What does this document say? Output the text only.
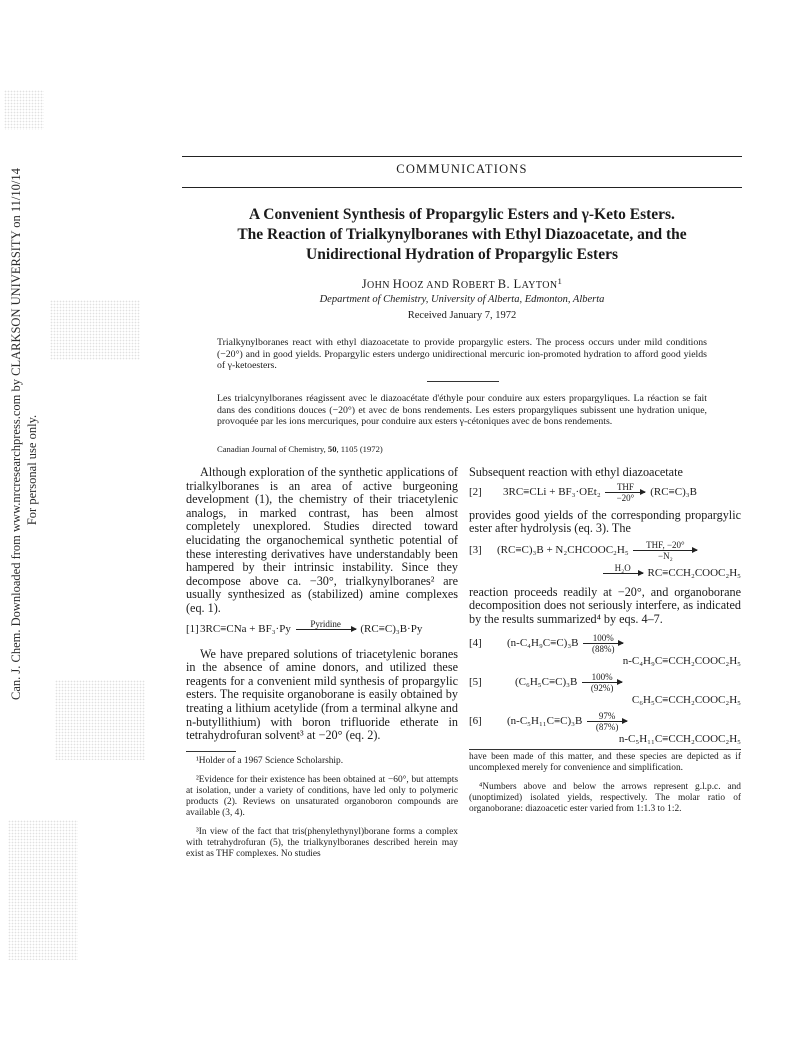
Can. J. Chem. Downloaded from www.nrcresearchpress.com by CLARKSON UNIVERSITY on 11/10/14 For personal use only.
COMMUNICATIONS
A Convenient Synthesis of Propargylic Esters and γ-Keto Esters.
The Reaction of Trialkynylboranes with Ethyl Diazoacetate, and the
Unidirectional Hydration of Propargylic Esters
JOHN HOOZ AND ROBERT B. LAYTON$^1$
Department of Chemistry, University of Alberta, Edmonton, Alberta
Received January 7, 1972
Trialkynylboranes react with ethyl diazoacetate to provide propargylic esters. The process occurs under mild conditions (−20°) and in good yields. Propargylic esters undergo unidirectional mercuric ion-promoted hydration to afford good yields of γ-ketoesters.
Les trialcynylboranes réagissent avec le diazoacétate d'éthyle pour conduire aux esters propargyliques. La réaction se fait dans des conditions douces (−20°) et avec de bons rendements. Les esters propargyliques subissent une hydration unique, provoquée par les ions mercuriques, pour conduire aux esters γ-cétoniques avec de bons rendements.
Canadian Journal of Chemistry, 50, 1105 (1972)

Although exploration of the synthetic applications of trialkylboranes is an area of active burgeoning development (1), the chemistry of their triacetylenic analogs, in marked contrast, has been almost completely unexplored. Studies directed toward elucidating the organochemical synthetic potential of these interesting derivatives have understandably been hampered by their intrinsic instability. Since they decompose above ca. −30°, trialkynylboranes² are usually synthesized as (stabilized) amine complexes (eq. 1).

[1]3RC≡CNa + BF₃·Py Pyridine
(RC≡C)₃B·Py

We have prepared solutions of triacetylenic boranes in the absence of amine donors, and utilized these reagents for a convenient mild synthesis of propargylic esters. The requisite organoborane is easily obtained by treating a lithium acetylide (from a terminal alkyne and n-butyllithium) with boron trifluoride etherate in tetrahydrofuran solvent³ at −20° (eq. 2).

¹Holder of a 1967 Science Scholarship.

²Evidence for their existence has been obtained at −60°, but attempts at isolation, under a variety of conditions, have led only to polymeric products (2). Reviews on unsaturated organoboron compounds are available (3, 4).

³In view of the fact that tris(phenylethynyl)borane forms a complex with tetrahydrofuran (5), the trialkynylboranes described herein may exist as THF complexes. No studies

Subsequent reaction with ethyl diazoacetate

[2] 3RC≡CLi + BF₃·OEt₂ THF
−20° (RC≡C)₃B

provides good yields of the corresponding propargylic ester after hydrolysis (eq. 3). The

[3] (RC≡C)₃B + N₂CHCOOC₂H₅ THF, −20°
−N₂
H₂O
RC≡CCH₂COOC₂H₅

reaction proceeds readily at −20°, and organoborane decomposition does not seriously interfere, as indicated by the results summarized⁴ by eqs. 4–7.

[4] $(n-C_4H_9C\equiv C)_3B \frac{100\%}{(88\%)}$
n-C₄H₉C≡CCH₂COOC₂H₅
[5]	$(C_6H_5C\equiv C)_3B \frac{100\%}{(92\%)}$
C₆H₅C≡CCH₂COOC₂H₅
[6] $(n-C_5H_{11}C\equiv C)_3B \frac{97\%}{(87\%)}$
n-C₅H₁₁C≡CCH₂COOC₂H₅

have been made of this matter, and these species are depicted as if uncomplexed merely for convenience and simplification.

⁴Numbers above and below the arrows represent g.l.p.c. and (unoptimized) isolated yields, respectively. The molar ratio of organoborane: diazoacetic ester varied from 1:1.3 to 1:2.
